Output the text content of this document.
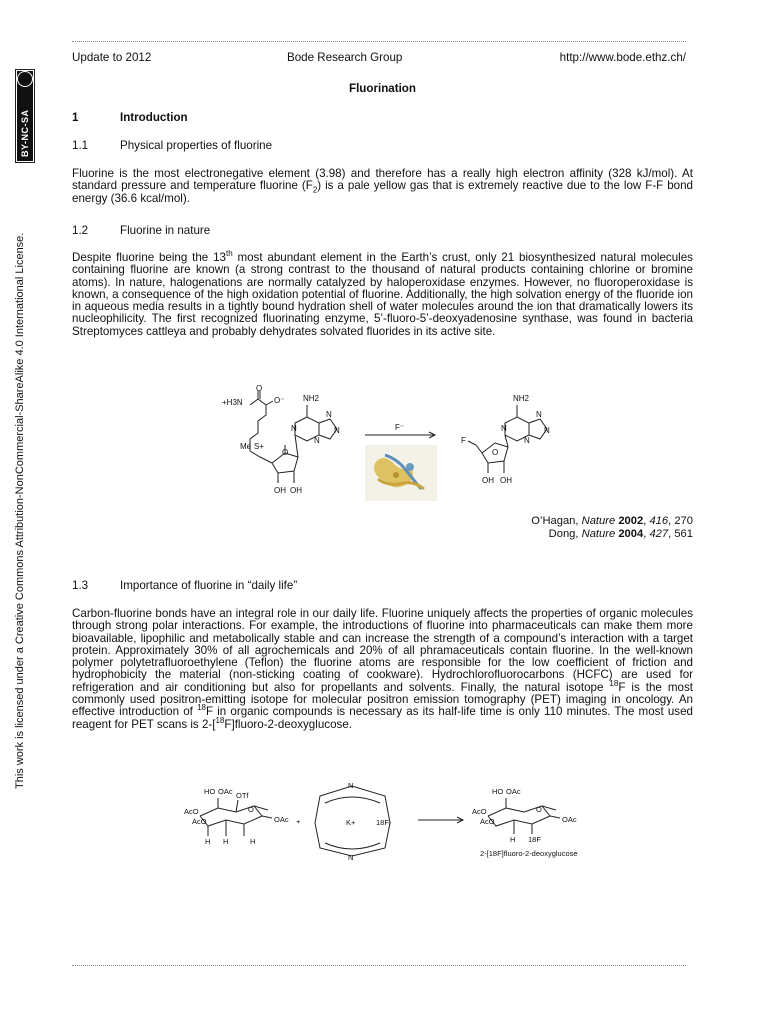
Update to 2012	Bode Research Group	http://www.bode.ethz.ch/
This work is licensed under a Creative Commons Attribution-NonCommercial-ShareAlike 4.0 International License.
BY-NC-SA
Fluorination
1	Introduction
1.1	Physical properties of fluorine
Fluorine is the most electronegative element (3.98) and therefore has a really high electron affinity (328 kJ/mol). At standard pressure and temperature fluorine $(F_2)$ is a pale yellow gas that is extremely reactive due to the low F-F bond energy (36.6 kcal/mol).
1.2	Fluorine in nature
Despite fluorine being the 13th most abundant element in the Earth’s crust, only 21 biosynthesized natural molecules containing fluorine are known (a strong contrast to the thousand of natural products containing chlorine or bromine atoms). In nature, halogenations are normally catalyzed by haloperoxidase enzymes. However, no fluoroperoxidase is known, a consequence of the high oxidation potential of fluorine. Additionally, the high solvation energy of the fluoride ion in aqueous media results in a tightly bound hydration shell of water molecules around the ion that dramatically lowers its nucleophilicity. The first recognized fluorinating enzyme, 5’-fluoro-5’-deoxyadenosine synthase, was found in bacteria Streptomyces cattleya and probably dehydrates solvated fluorides in its active site.
+H3N
O
O⁻ NH2
N
N
N
N
S+
Me
O
OH OH
F⁻
NH2
N
N
N
N
F
O
OH OH
O’Hagan, Nature 2002, 416, 270
Dong, Nature 2004, 427, 561
1.3	Importance of fluorine in “daily life”
Carbon-fluorine bonds have an integral role in our daily life. Fluorine uniquely affects the properties of organic molecules through strong polar interactions. For example, the introductions of fluorine into pharmaceuticals can make them more bioavailable, lipophilic and metabolically stable and can increase the strength of a compound’s interaction with a target protein. Approximately 30% of all agrochemicals and 20% of all phramaceuticals contain fluorine. In the well-known polymer polytetrafluoroethylene (Teflon) the fluorine atoms are responsible for the low coefficient of friction and hydrophobicity the material (non-sticking coating of cookware). Hydrochlorofluorocarbons (HCFC) are used for refrigeration and air conditioning but also for propellants and solvents. Finally, the natural isotope $^{18}$F is the most commonly used positron-emitting isotope for molecular positron emission tomography (PET) imaging in oncology. An effective introduction of $^{18}$F in organic compounds is necessary as its half-life time is only 110 minutes. The most used reagent for PET scans is 2-[$^{18}$F]fluoro-2-deoxyglucose.
HO OAc OTf
AcO
AcO
O
OAc
H H	H
+
N
N
K+	18F-
HO OAc
AcO
AcO
O
OAc
H 18F
2-[18F]fluoro-2-deoxyglucose
